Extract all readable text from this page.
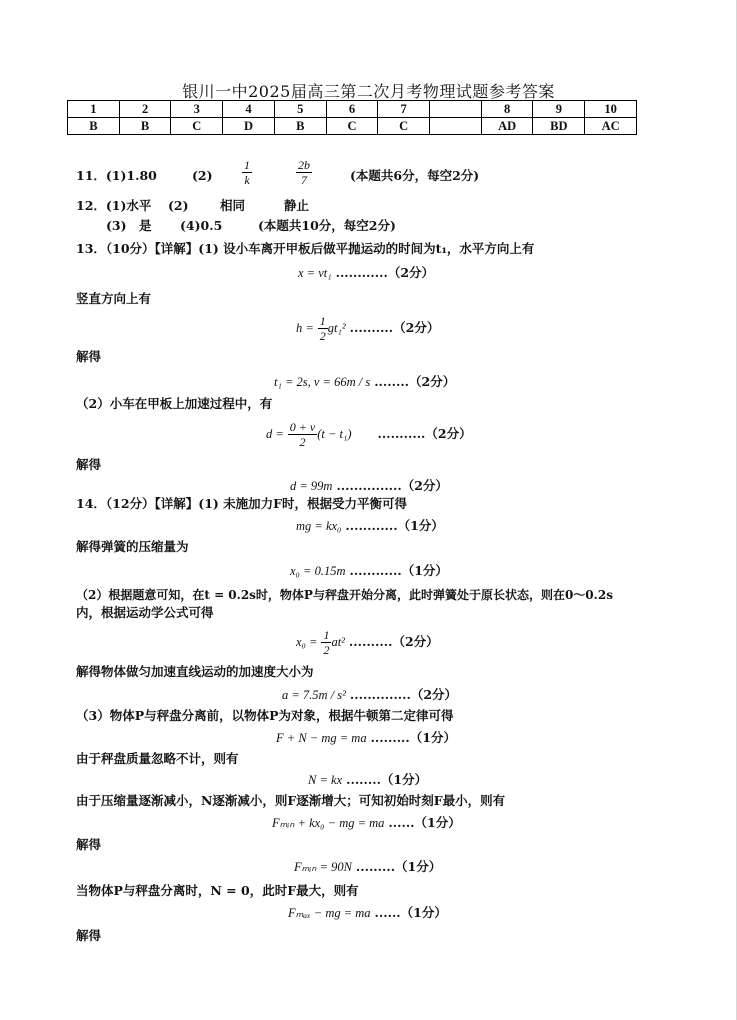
银川一中2025届高三第二次月考物理试题参考答案
1	2	3	4	5	6	7		8	9	10
B	B	C	D	B	C	C		AD	BD	AC
11．(1)1.80	$(2) \frac{1}{k}$	$\frac{2b}{7}$	(本题共6分，每空2分)
12．(1)水平 (2)	相同	静止
(3)　是 (4)0.5	(本题共10分，每空2分)
13．（10分）【详解】(1) 设小车离开甲板后做平抛运动的时间为t₁，水平方向上有
x = vt₁ ............（2分）
竖直方向上有
$h = \frac{1}{2} gt_1^2$ ..........（2分）
解得
t₁ = 2s, v = 66m / s ........（2分）
（2）小车在甲板上加速过程中，有
$d = \frac{0 + v}{2} (t - t_1)$ ...........（2分）
解得
d = 99m ...............（2分）
14．（12分）【详解】(1) 未施加力F时，根据受力平衡可得
mg = kx₀ ............（1分）
解得弹簧的压缩量为
x₀ = 0.15m ............（1分）
（2）根据题意可知，在t = 0.2s时，物体P与秤盘开始分离，此时弹簧处于原长状态，则在0～0.2s
内，根据运动学公式可得
$x_0 = \frac{1}{2} at^2$ ..........（2分）
解得物体做匀加速直线运动的加速度大小为
a = 7.5m / s² ..............（2分）
（3）物体P与秤盘分离前，以物体P为对象，根据牛顿第二定律可得
F + N − mg = ma .........（1分）
由于秤盘质量忽略不计，则有
N = kx ........（1分）
由于压缩量逐渐减小，N逐渐减小，则F逐渐增大；可知初始时刻F最小，则有
Fₘᵢₙ + kx₀ − mg = ma ......（1分）
解得
Fₘᵢₙ = 90N .........（1分）
当物体P与秤盘分离时，N = 0，此时F最大，则有
Fₘₐₓ − mg = ma ......（1分）
解得
